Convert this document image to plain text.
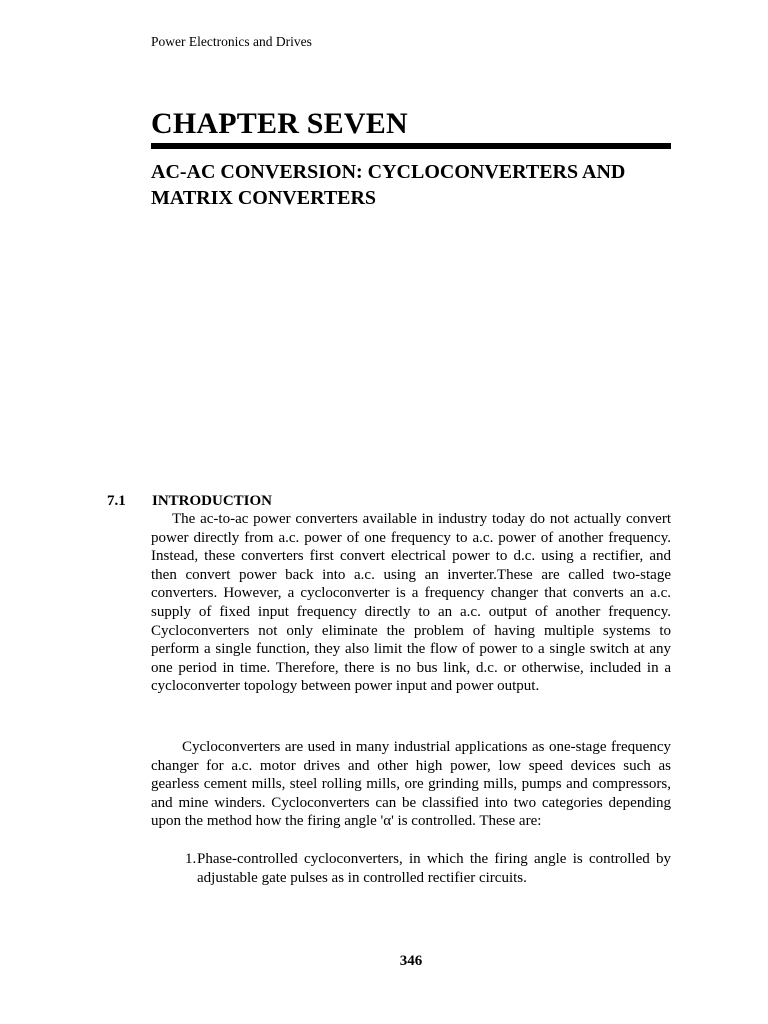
Power Electronics and Drives
CHAPTER SEVEN
AC-AC CONVERSION: CYCLOCONVERTERS AND MATRIX CONVERTERS
7.1 INTRODUCTION

The ac-to-ac power converters available in industry today do not actually convert power directly from a.c. power of one frequency to a.c. power of another frequency. Instead, these converters first convert electrical power to d.c. using a rectifier, and then convert power back into a.c. using an inverter.These are called two-stage converters. However, a cycloconverter is a frequency changer that converts an a.c. supply of fixed input frequency directly to an a.c. output of another frequency. Cycloconverters not only eliminate the problem of having multiple systems to perform a single function, they also limit the flow of power to a single switch at any one period in time. Therefore, there is no bus link, d.c. or otherwise, included in a cycloconverter topology between power input and power output.

Cycloconverters are used in many industrial applications as one-stage frequency changer for a.c. motor drives and other high power, low speed devices such as gearless cement mills, steel rolling mills, ore grinding mills, pumps and compressors, and mine winders. Cycloconverters can be classified into two categories depending upon the method how the firing angle 'α' is controlled. These are:

1. Phase-controlled cycloconverters, in which the firing angle is controlled by adjustable gate pulses as in controlled rectifier circuits.
346
